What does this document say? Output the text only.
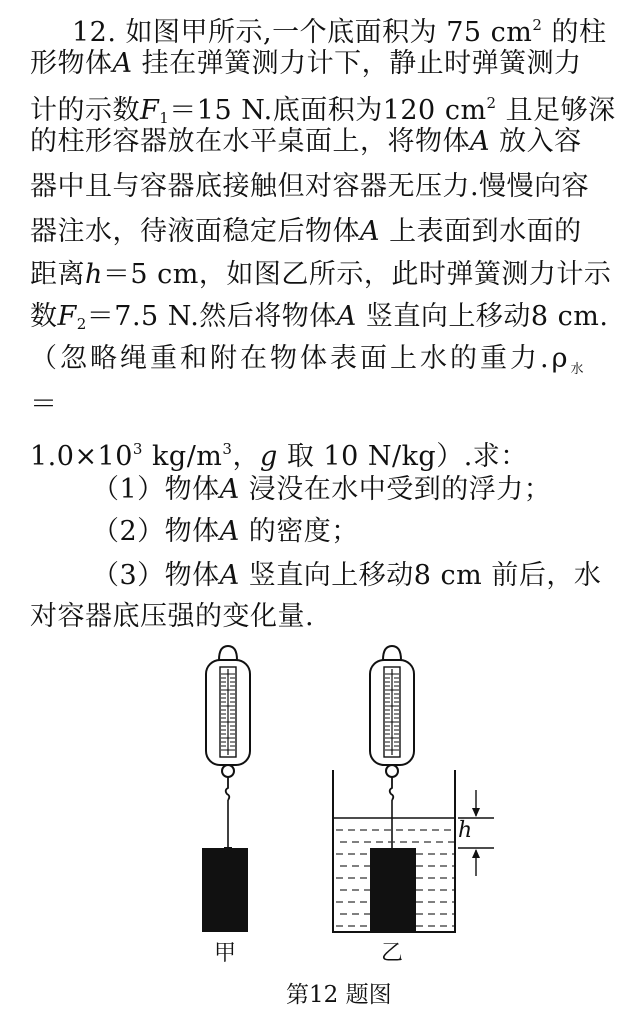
12. 如图甲所示,一个底面积为 75 $cm^2$ 的柱
形物体A 挂在弹簧测力计下，静止时弹簧测力
计的示数$F_1=15$ N.底面积为120 $cm^2$ 且足够深
的柱形容器放在水平桌面上，将物体A 放入容
器中且与容器底接触但对容器无压力.慢慢向容
器注水，待液面稳定后物体A 上表面到水面的
距离h＝5 cm，如图乙所示，此时弹簧测力计示
数$F_2=7.5$ N.然后将物体A 竖直向上移动8 cm.
（忽略绳重和附在物体表面上水的重力$.\rho_水$
＝
$1.0\times 10^3$ $kg/m^3$，g 取 10 N/kg）.求：
（1）物体A 浸没在水中受到的浮力；
（2）物体A 的密度；
（3）物体A 竖直向上移动8 cm 前后，水
对容器底压强的变化量.
h
甲	乙
第12 题图
